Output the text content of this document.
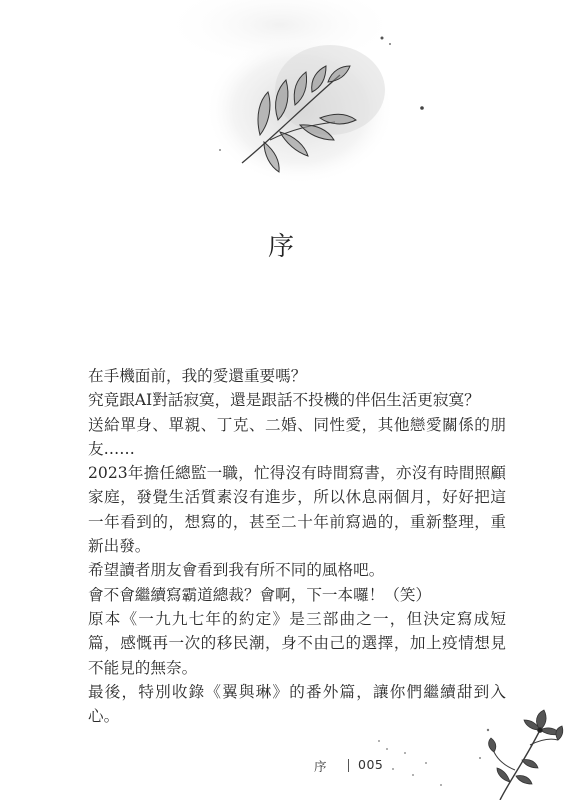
序

在手機面前，我的愛還重要嗎？

究竟跟AI對話寂寞，還是跟話不投機的伴侶生活更寂寞？

送給單身、單親、丁克、二婚、同性愛，其他戀愛關係的朋友……

2023年擔任總監一職，忙得沒有時間寫書，亦沒有時間照顧家庭，發覺生活質素沒有進步，所以休息兩個月，好好把這一年看到的，想寫的，甚至二十年前寫過的，重新整理，重新出發。

希望讀者朋友會看到我有所不同的風格吧。

會不會繼續寫霸道總裁？會啊，下一本囉！（笑）

原本《一九九七年的約定》是三部曲之一，但決定寫成短篇，感慨再一次的移民潮，身不由己的選擇，加上疫情想見不能見的無奈。

最後，特別收錄《翼與琳》的番外篇，讓你們繼續甜到入心。

序 005
